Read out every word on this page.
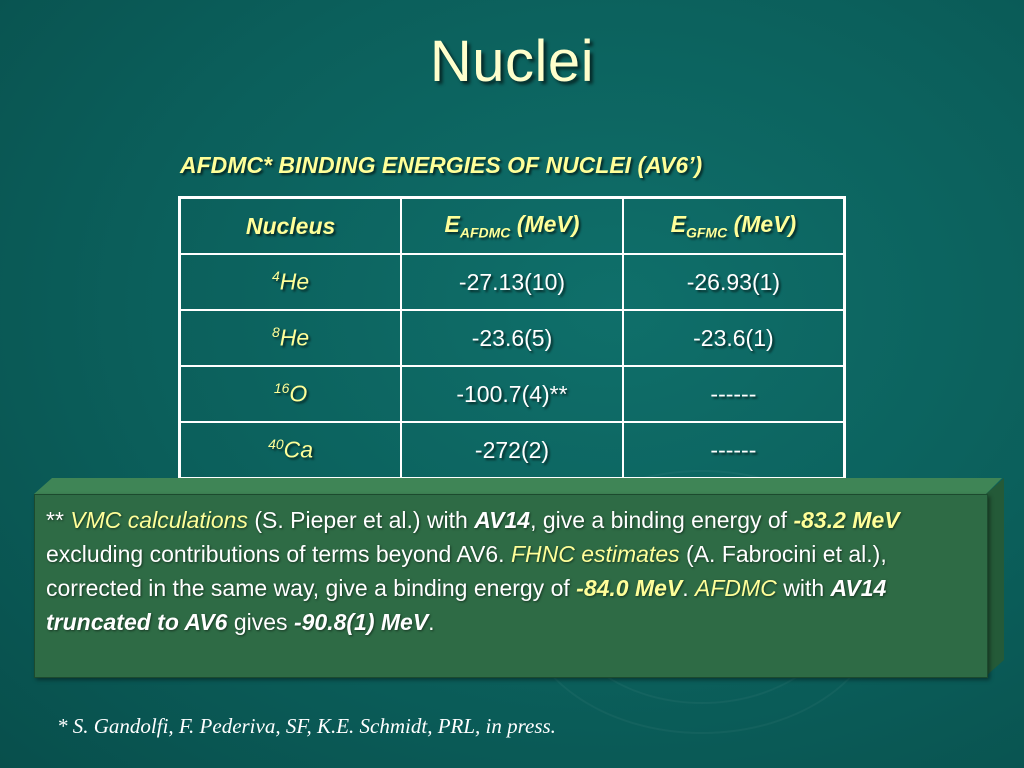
Nuclei
AFDMC* BINDING ENERGIES OF NUCLEI (AV6’)
Nucleus	$E_{AFDMC}$ (MeV)	$E_{GFMC}$ (MeV)
$^4$He	-27.13(10)	-26.93(1)
$^8$He	-23.6(5)	-23.6(1)
$^{16}$O	-100.7(4)**	------
$^{40}$Ca	-272(2)	------
** VMC calculations (S. Pieper et al.) with AV14, give a binding energy of -83.2 MeV excluding contributions of terms beyond AV6. FHNC estimates (A. Fabrocini et al.), corrected in the same way, give a binding energy of -84.0 MeV. AFDMC with AV14 truncated to AV6 gives -90.8(1) MeV.
* S. Gandolfi, F. Pederiva, SF, K.E. Schmidt, PRL, in press.
